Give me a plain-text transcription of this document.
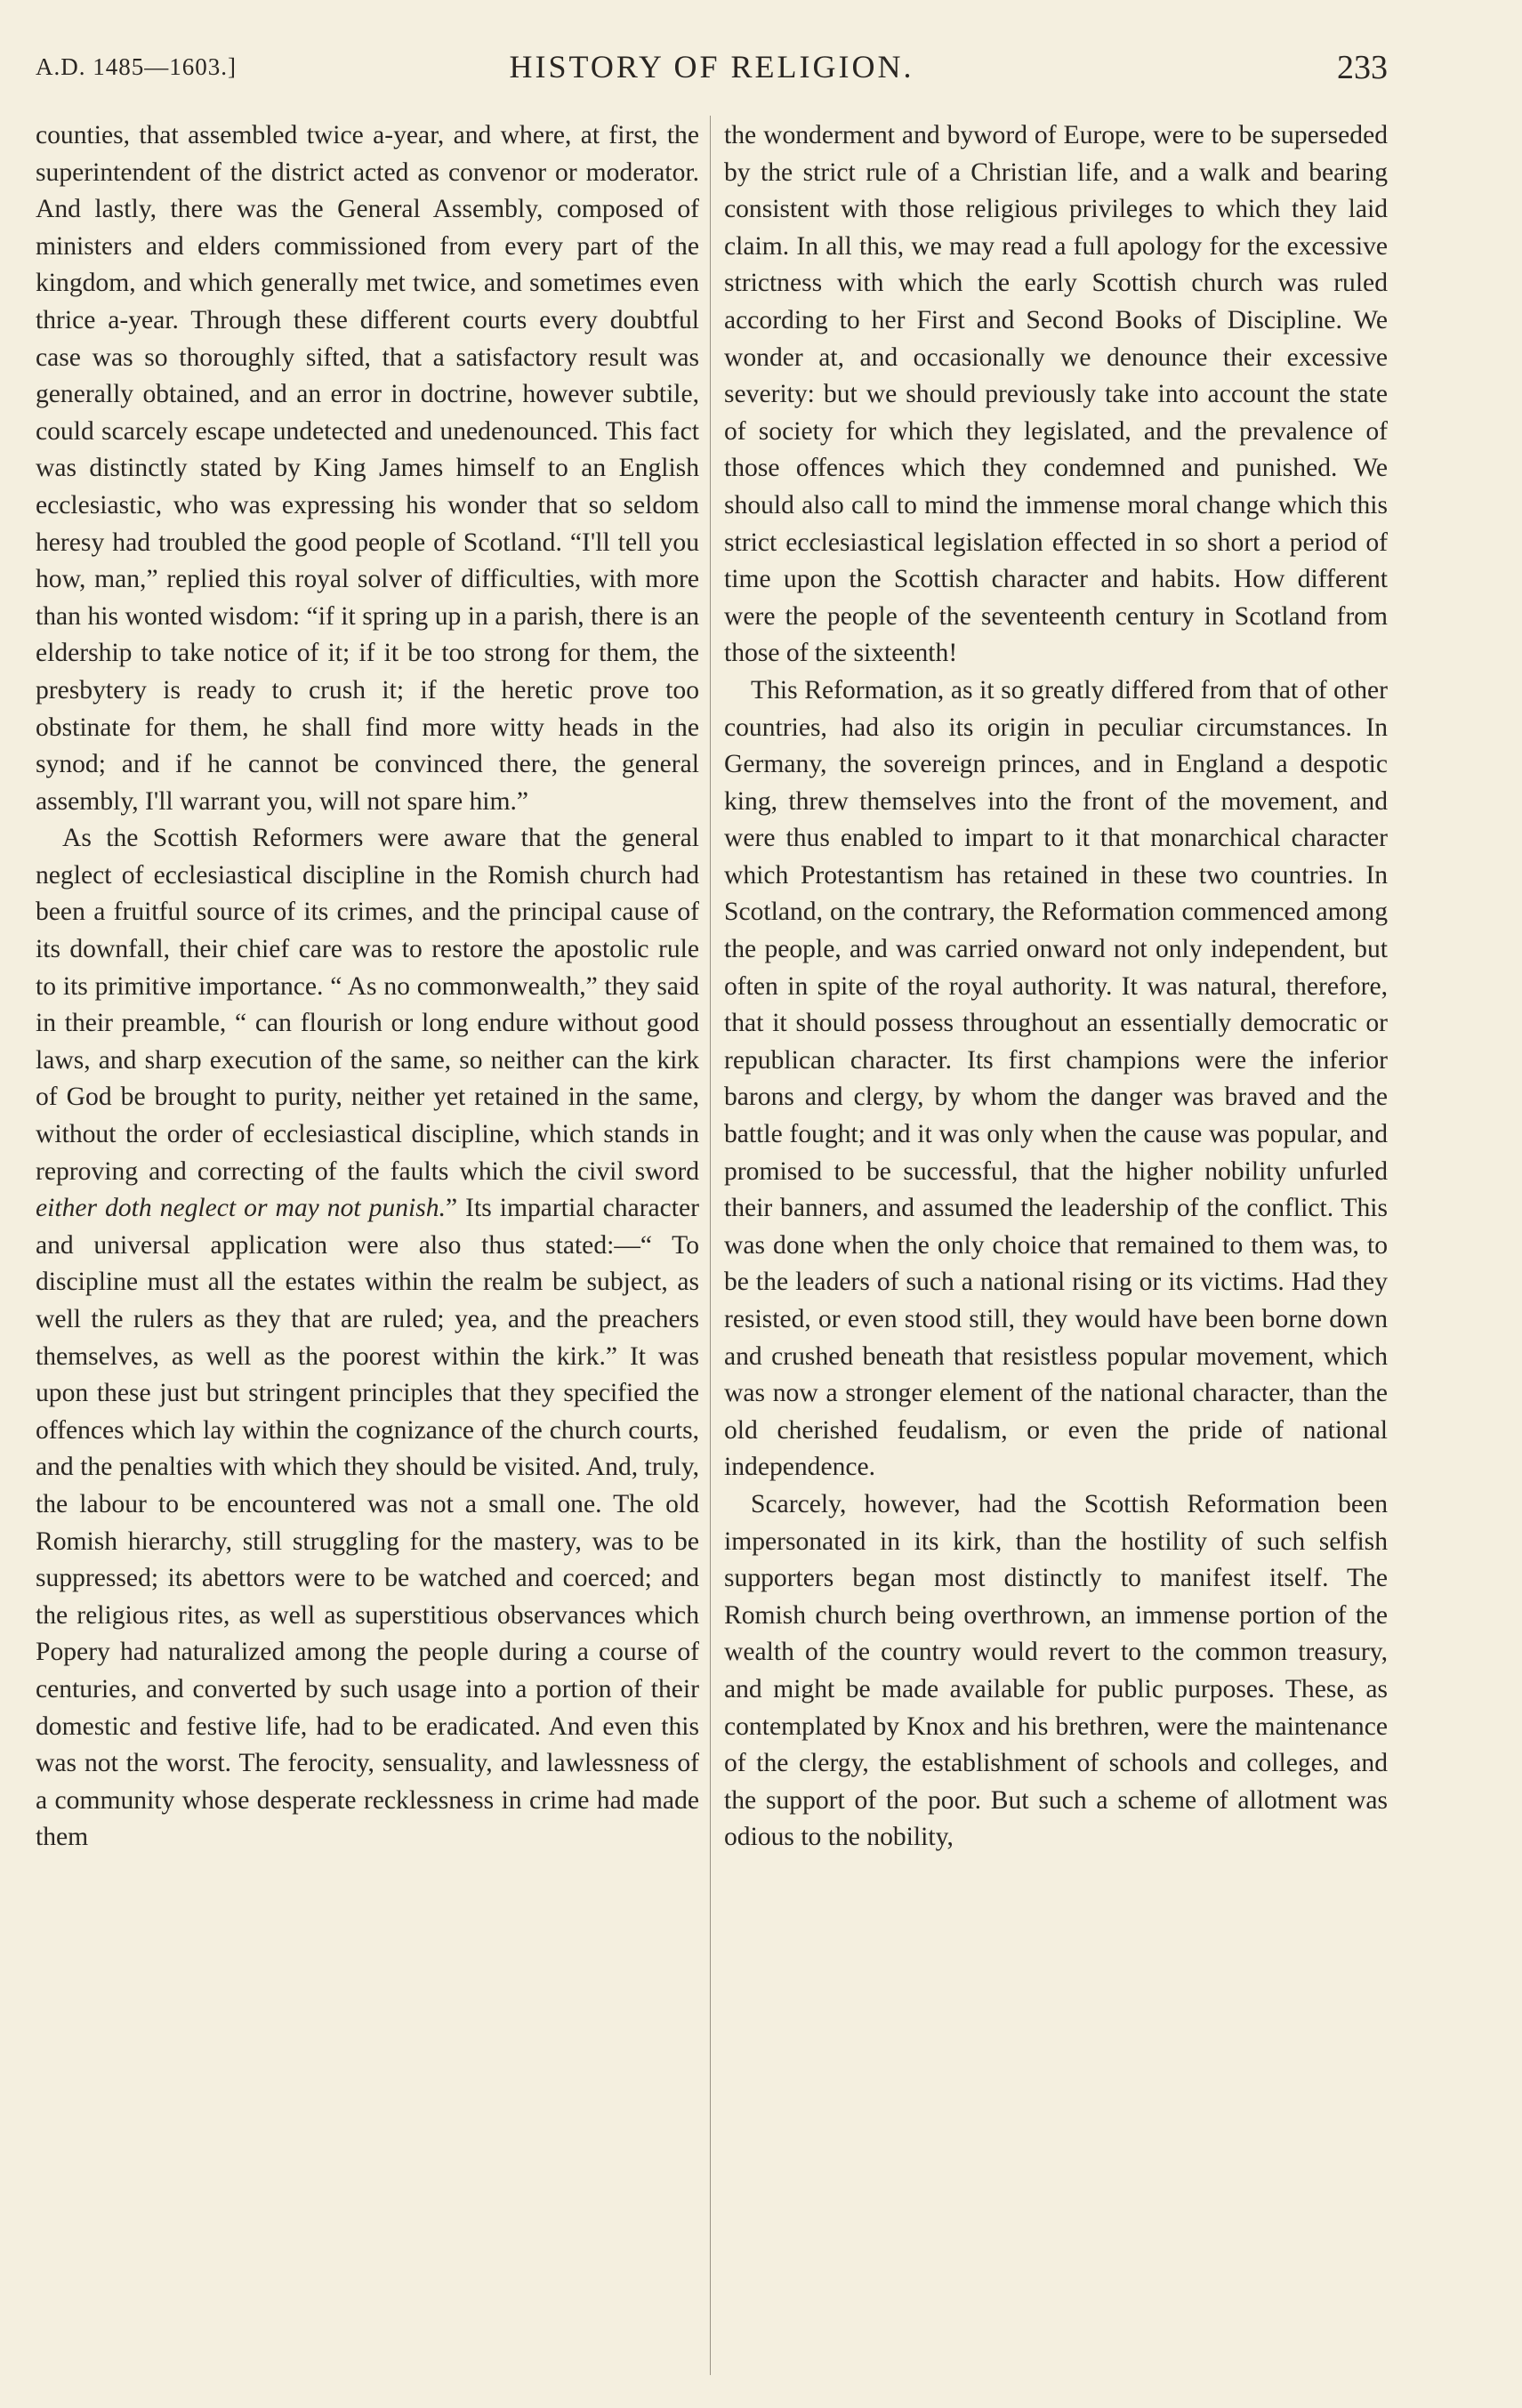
A.D. 1485—1603.]	HISTORY OF RELIGION.	233

counties, that assembled twice a-year, and where, at first, the superintendent of the district acted as convenor or moderator. And lastly, there was the General Assembly, composed of ministers and elders commissioned from every part of the kingdom, and which generally met twice, and sometimes even thrice a-year. Through these different courts every doubtful case was so thoroughly sifted, that a satisfactory result was generally obtained, and an error in doctrine, however subtile, could scarcely escape undetected and unedenounced. This fact was distinctly stated by King James himself to an English ecclesiastic, who was expressing his wonder that so seldom heresy had troubled the good people of Scotland. “I'll tell you how, man,” replied this royal solver of difficulties, with more than his wonted wisdom: “if it spring up in a parish, there is an eldership to take notice of it; if it be too strong for them, the presbytery is ready to crush it; if the heretic prove too obstinate for them, he shall find more witty heads in the synod; and if he cannot be convinced there, the general assembly, I'll warrant you, will not spare him.”

As the Scottish Reformers were aware that the general neglect of ecclesiastical discipline in the Romish church had been a fruitful source of its crimes, and the principal cause of its downfall, their chief care was to restore the apostolic rule to its primitive importance. “ As no commonwealth,” they said in their preamble, “ can flourish or long endure without good laws, and sharp execution of the same, so neither can the kirk of God be brought to purity, neither yet retained in the same, without the order of ecclesiastical discipline, which stands in reproving and correcting of the faults which the civil sword either doth neglect or may not punish.” Its impartial character and universal application were also thus stated:—“ To discipline must all the estates within the realm be subject, as well the rulers as they that are ruled; yea, and the preachers themselves, as well as the poorest within the kirk.” It was upon these just but stringent principles that they specified the offences which lay within the cognizance of the church courts, and the penalties with which they should be visited. And, truly, the labour to be encountered was not a small one. The old Romish hierarchy, still struggling for the mastery, was to be suppressed; its abettors were to be watched and coerced; and the religious rites, as well as superstitious observances which Popery had naturalized among the people during a course of centuries, and converted by such usage into a portion of their domestic and festive life, had to be eradicated. And even this was not the worst. The ferocity, sensuality, and lawlessness of a community whose desperate recklessness in crime had made them

the wonderment and byword of Europe, were to be superseded by the strict rule of a Christian life, and a walk and bearing consistent with those religious privileges to which they laid claim. In all this, we may read a full apology for the excessive strictness with which the early Scottish church was ruled according to her First and Second Books of Discipline. We wonder at, and occasionally we denounce their excessive severity: but we should previously take into account the state of society for which they legislated, and the prevalence of those offences which they condemned and punished. We should also call to mind the immense moral change which this strict ecclesiastical legislation effected in so short a period of time upon the Scottish character and habits. How different were the people of the seventeenth century in Scotland from those of the sixteenth!

This Reformation, as it so greatly differed from that of other countries, had also its origin in peculiar circumstances. In Germany, the sovereign princes, and in England a despotic king, threw themselves into the front of the movement, and were thus enabled to impart to it that monarchical character which Protestantism has retained in these two countries. In Scotland, on the contrary, the Reformation commenced among the people, and was carried onward not only independent, but often in spite of the royal authority. It was natural, therefore, that it should possess throughout an essentially democratic or republican character. Its first champions were the inferior barons and clergy, by whom the danger was braved and the battle fought; and it was only when the cause was popular, and promised to be successful, that the higher nobility unfurled their banners, and assumed the leadership of the conflict. This was done when the only choice that remained to them was, to be the leaders of such a national rising or its victims. Had they resisted, or even stood still, they would have been borne down and crushed beneath that resistless popular movement, which was now a stronger element of the national character, than the old cherished feudalism, or even the pride of national independence.

Scarcely, however, had the Scottish Reformation been impersonated in its kirk, than the hostility of such selfish supporters began most distinctly to manifest itself. The Romish church being overthrown, an immense portion of the wealth of the country would revert to the common treasury, and might be made available for public purposes. These, as contemplated by Knox and his brethren, were the maintenance of the clergy, the establishment of schools and colleges, and the support of the poor. But such a scheme of allotment was odious to the nobility,
